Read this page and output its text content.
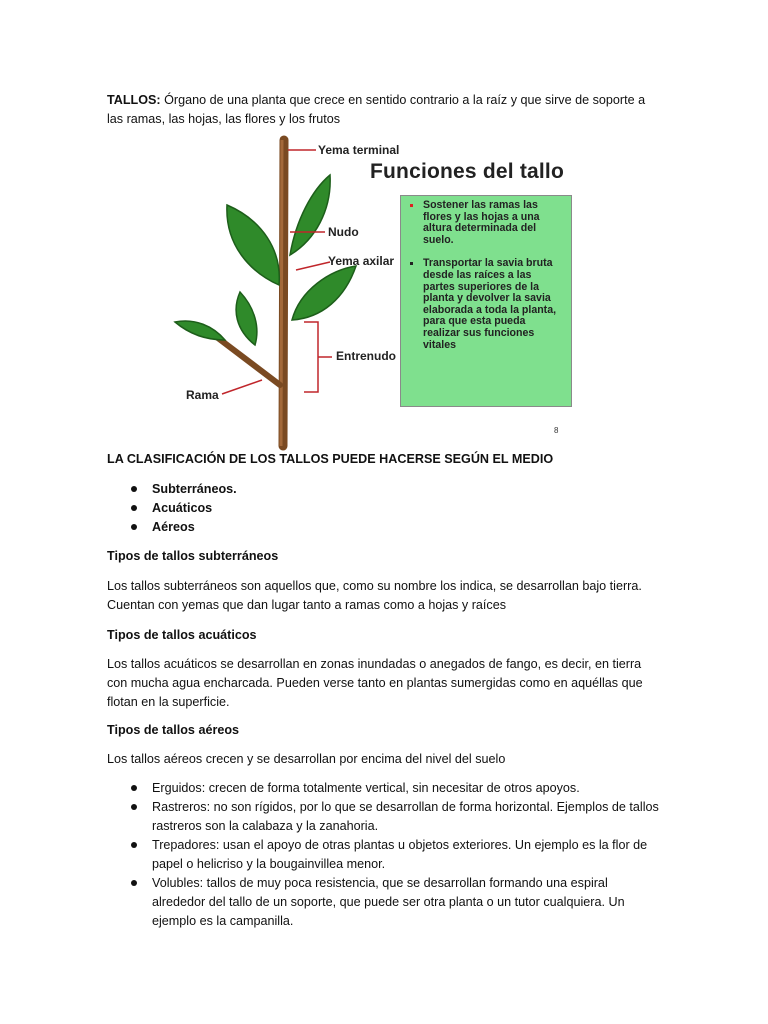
TALLOS: Órgano de una planta que crece en sentido contrario a la raíz y que sirve de soporte a las ramas, las hojas, las flores y los frutos

Yema terminal
Nudo
Yema axilar
Entrenudo
Rama
Funciones del tallo
Sostener las ramas las flores y las hojas a una altura determinada del suelo.
Transportar la savia bruta desde las raíces a las partes superiores de la planta y devolver la savia elaborada a toda la planta, para que esta pueda realizar sus funciones vitales
8

LA CLASIFICACIÓN DE LOS TALLOS PUEDE HACERSE SEGÚN EL MEDIO

Subterráneos.
Acuáticos
Aéreos

Tipos de tallos subterráneos

Los tallos subterráneos son aquellos que, como su nombre los indica, se desarrollan bajo tierra. Cuentan con yemas que dan lugar tanto a ramas como a hojas y raíces

Tipos de tallos acuáticos

Los tallos acuáticos se desarrollan en zonas inundadas o anegados de fango, es decir, en tierra con mucha agua encharcada. Pueden verse tanto en plantas sumergidas como en aquéllas que flotan en la superficie.

Tipos de tallos aéreos

Los tallos aéreos crecen y se desarrollan por encima del nivel del suelo

Erguidos: crecen de forma totalmente vertical, sin necesitar de otros apoyos.
Rastreros: no son rígidos, por lo que se desarrollan de forma horizontal. Ejemplos de tallos rastreros son la calabaza y la zanahoria.
Trepadores: usan el apoyo de otras plantas u objetos exteriores. Un ejemplo es la flor de papel o helicriso y la bougainvillea menor.
Volubles: tallos de muy poca resistencia, que se desarrollan formando una espiral alrededor del tallo de un soporte, que puede ser otra planta o un tutor cualquiera. Un ejemplo es la campanilla.
